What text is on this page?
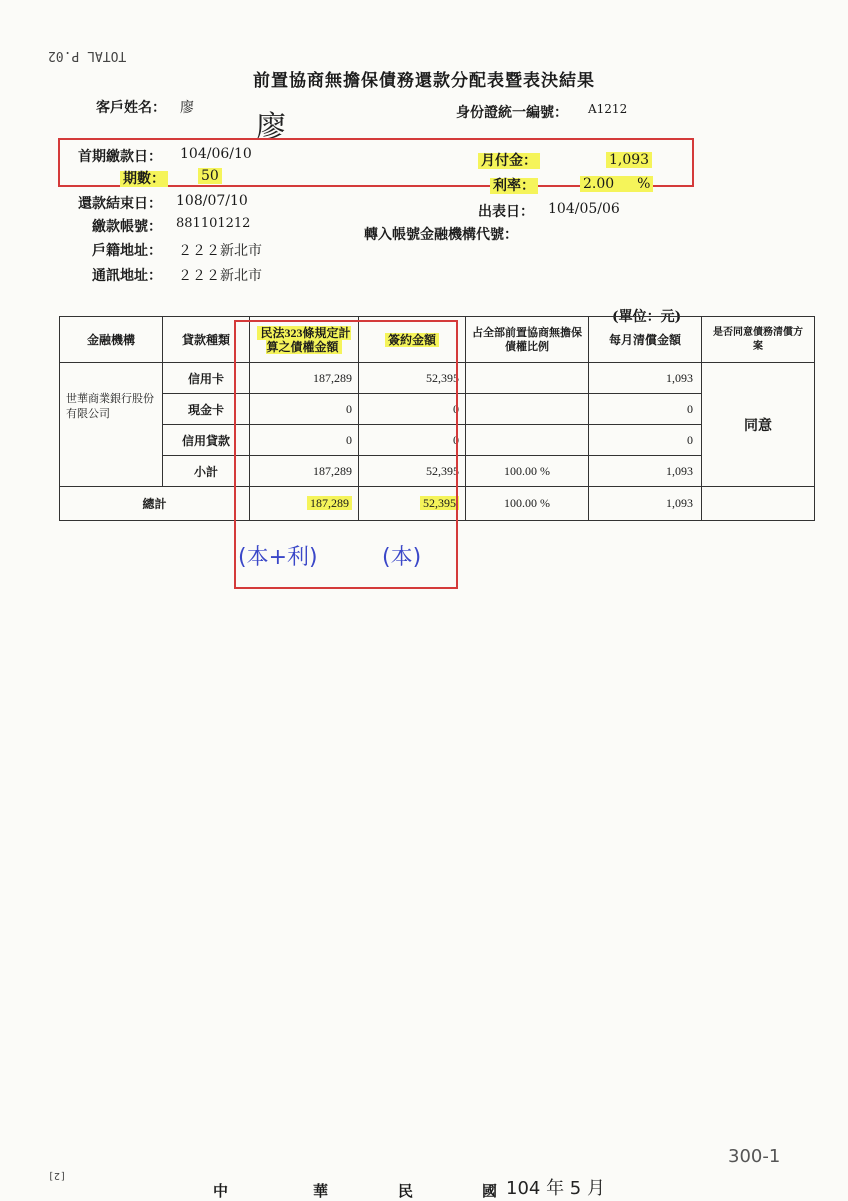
TOTAL P.02
前置協商無擔保債務還款分配表暨表決結果
客戶姓名： 廖
廖	身份證統一編號： A1212
首期繳款日： 104/06/10	月付金：	1,093
期數：	50
利率：	2.00 %
還款結束日： 108/07/10
出表日： 104/05/06
繳款帳號： 881101212
轉入帳號金融機構代號：
戶籍地址： ２２２新北市
通訊地址： ２２２新北市
(單位：元)
金融機構	貸款種類	民法323條規定計算之債權金額	簽約金額	占全部前置協商無擔保債權比例	每月清償金額	是否同意債務清償方案
世華商業銀行股份有限公司	信用卡	187,289	52,395		1,093	同意
	現金卡	0	0		0	
	信用貸款	0	0		0	
	小計	187,289	52,395	100.00 %	1,093	
總計		187,289	52,395	100.00 %	1,093	
(本+利)	(本)
300-1
[2]
中	華	民	國 104 年 5 月
